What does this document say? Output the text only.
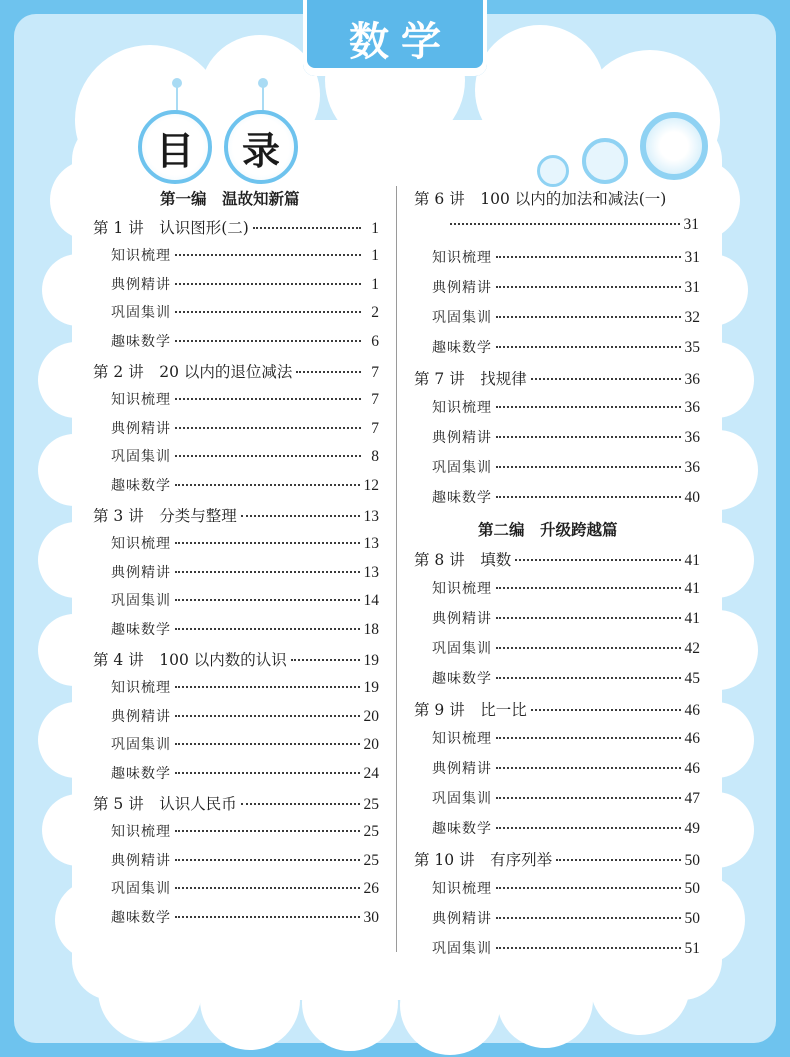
数学
目 录
第一编　温故知新篇
第 1 讲　认识图形(二)	1
知识梳理	1
典例精讲	1
巩固集训	2
趣味数学	6
第 2 讲　20 以内的退位减法	7
知识梳理	7
典例精讲	7
巩固集训	8
趣味数学	12
第 3 讲　分类与整理	13
知识梳理	13
典例精讲	13
巩固集训	14
趣味数学	18
第 4 讲　100 以内数的认识	19
知识梳理	19
典例精讲	20
巩固集训	20
趣味数学	24
第 5 讲　认识人民币	25
知识梳理	25
典例精讲	25
巩固集训	26
趣味数学	30
第 6 讲　100 以内的加法和减法(一)
31
知识梳理	31
典例精讲	31
巩固集训	32
趣味数学	35
第 7 讲　找规律	36
知识梳理	36
典例精讲	36
巩固集训	36
趣味数学	40
第二编　升级跨越篇
第 8 讲　填数	41
知识梳理	41
典例精讲	41
巩固集训	42
趣味数学	45
第 9 讲　比一比	46
知识梳理	46
典例精讲	46
巩固集训	47
趣味数学	49
第 10 讲　有序列举	50
知识梳理	50
典例精讲	50
巩固集训	51
